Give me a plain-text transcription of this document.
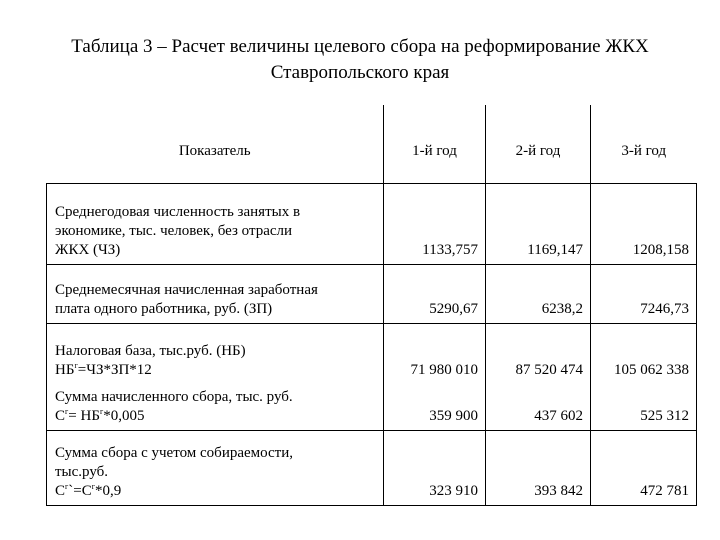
Таблица 3 – Расчет величины целевого сбора на реформирование ЖКХ
Ставропольского края
Показатель	1-й год	2-й год	3-й год

Среднегодовая численность занятых в
экономике, тыс. человек, без отрасли
ЖКХ (ЧЗ)	1133,757	1169,147	1208,158

Среднемесячная начисленная заработная
плата одного работника, руб. (ЗП)	5290,67	6238,2	7246,73

Налоговая база, тыс.руб. (НБ)
$НБ^г=ЧЗ*ЗП*12$	71 980 010	87 520 474	105 062 338

Сумма начисленного сбора, тыс. руб.
$С^г= НБ^г*0,005$	359 900	437 602	525 312

Сумма сбора с учетом собираемости,
тыс.руб.
$С^г`=С^г*0,9$	323 910	393 842	472 781
